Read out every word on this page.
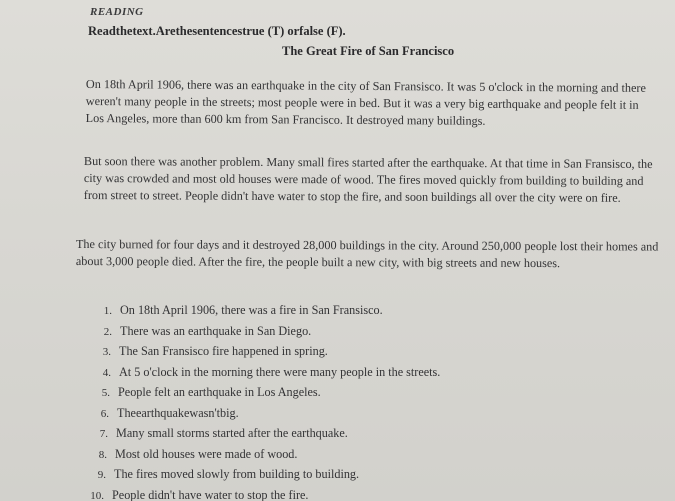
READING
Readthetext.Arethesentencestrue (T) orfalse (F).
The Great Fire of San Francisco

On 18th April 1906, there was an earthquake in the city of San Fransisco. It was 5 o'clock in the morning and there weren't many people in the streets; most people were in bed. But it was a very big earthquake and people felt it in Los Angeles, more than 600 km from San Francisco. It destroyed many buildings.

But soon there was another problem. Many small fires started after the earthquake. At that time in San Fransisco, the city was crowded and most old houses were made of wood. The fires moved quickly from building to building and from street to street. People didn't have water to stop the fire, and soon buildings all over the city were on fire.

The city burned for four days and it destroyed 28,000 buildings in the city. Around 250,000 people lost their homes and about 3,000 people died. After the fire, the people built a new city, with big streets and new houses.

1. On 18th April 1906, there was a fire in San Fransisco.
2. There was an earthquake in San Diego.
3. The San Fransisco fire happened in spring.
4. At 5 o'clock in the morning there were many people in the streets.
5. People felt an earthquake in Los Angeles.
6. Theearthquakewasn'tbig.
7. Many small storms started after the earthquake.
8. Most old houses were made of wood.
9. The fires moved slowly from building to building.
10. People didn't have water to stop the fire.
